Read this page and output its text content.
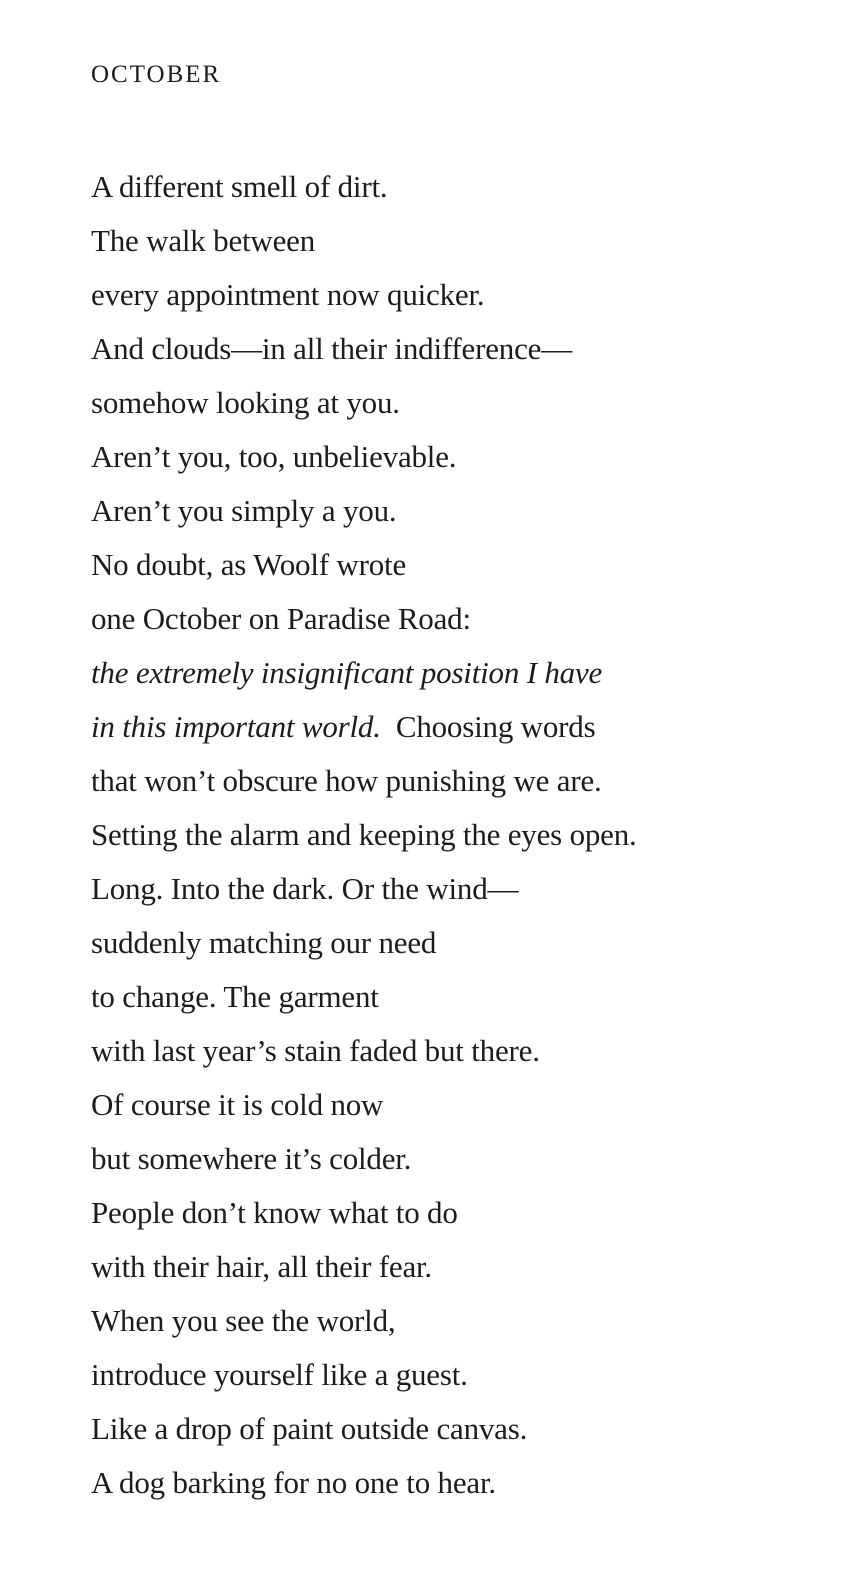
OCTOBER
A different smell of dirt.
The walk between
every appointment now quicker.
And clouds—in all their indifference—
somehow looking at you.
Aren’t you, too, unbelievable.
Aren’t you simply a you.
No doubt, as Woolf wrote
one October on Paradise Road:
the extremely insignificant position I have
in this important world. Choosing words
that won’t obscure how punishing we are.
Setting the alarm and keeping the eyes open.
Long. Into the dark. Or the wind—
suddenly matching our need
to change. The garment
with last year’s stain faded but there.
Of course it is cold now
but somewhere it’s colder.
People don’t know what to do
with their hair, all their fear.
When you see the world,
introduce yourself like a guest.
Like a drop of paint outside canvas.
A dog barking for no one to hear.
